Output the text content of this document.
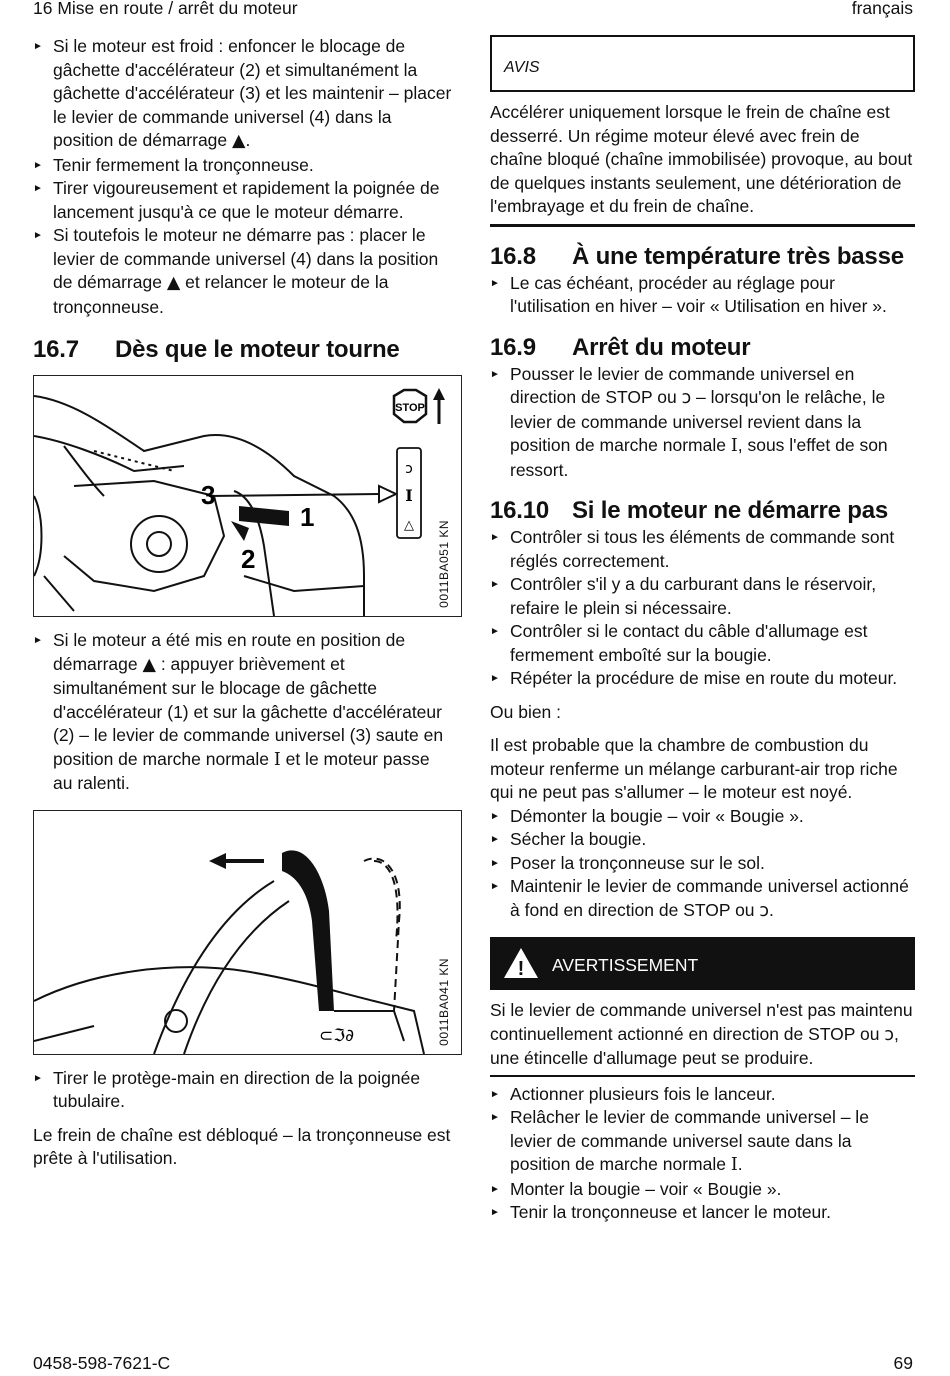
16 Mise en route / arrêt du moteur	français
► Si le moteur est froid : enfoncer le blocage de gâchette d'accélérateur (2) et simultanément la gâchette d'accélérateur (3) et les maintenir – placer le levier de commande universel (4) dans la position de démarrage ▲.
► Tenir fermement la tronçonneuse.
► Tirer vigoureusement et rapidement la poignée de lancement jusqu'à ce que le moteur démarre.
► Si toutefois le moteur ne démarre pas : placer le levier de commande universel (4) dans la position de démarrage ▲ et relancer le moteur de la tronçonneuse.
16.7 Dès que le moteur tourne
3
1
2
ↄ
I
△
STOP
0011BA051 KN
► Si le moteur a été mis en route en position de démarrage ▲ : appuyer brièvement et simultanément sur le blocage de gâchette d'accélérateur (1) et sur la gâchette d'accélérateur (2) – le levier de commande universel (3) saute en position de marche normale I et le moteur passe au ralenti.
⊂ℑ∂	0011BA041 KN
► Tirer le protège-main en direction de la poignée tubulaire.

Le frein de chaîne est débloqué – la tronçonneuse est prête à l'utilisation.

AVIS

Accélérer uniquement lorsque le frein de chaîne est desserré. Un régime moteur élevé avec frein de chaîne bloqué (chaîne immobilisée) provoque, au bout de quelques instants seulement, une détérioration de l'embrayage et du frein de chaîne.

16.8 À une température très basse
► Le cas échéant, procéder au réglage pour l'utilisation en hiver – voir « Utilisation en hiver ».
16.9 Arrêt du moteur
► Pousser le levier de commande universel en direction de STOP ou ↄ – lorsqu'on le relâche, le levier de commande universel revient dans la position de marche normale I, sous l'effet de son ressort.
16.10 Si le moteur ne démarre pas
► Contrôler si tous les éléments de commande sont réglés correctement.
► Contrôler s'il y a du carburant dans le réservoir, refaire le plein si nécessaire.
► Contrôler si le contact du câble d'allumage est fermement emboîté sur la bougie.
► Répéter la procédure de mise en route du moteur.

Ou bien :

Il est probable que la chambre de combustion du moteur renferme un mélange carburant-air trop riche qui ne peut pas s'allumer – le moteur est noyé.

► Démonter la bougie – voir « Bougie ».
► Sécher la bougie.
► Poser la tronçonneuse sur le sol.
► Maintenir le levier de commande universel actionné à fond en direction de STOP ou ↄ.
! AVERTISSEMENT

Si le levier de commande universel n'est pas maintenu continuellement actionné en direction de STOP ou ↄ, une étincelle d'allumage peut se produire.

► Actionner plusieurs fois le lanceur.
► Relâcher le levier de commande universel – le levier de commande universel saute dans la position de marche normale I.
► Monter la bougie – voir « Bougie ».
► Tenir la tronçonneuse et lancer le moteur.
0458-598-7621-C	69
